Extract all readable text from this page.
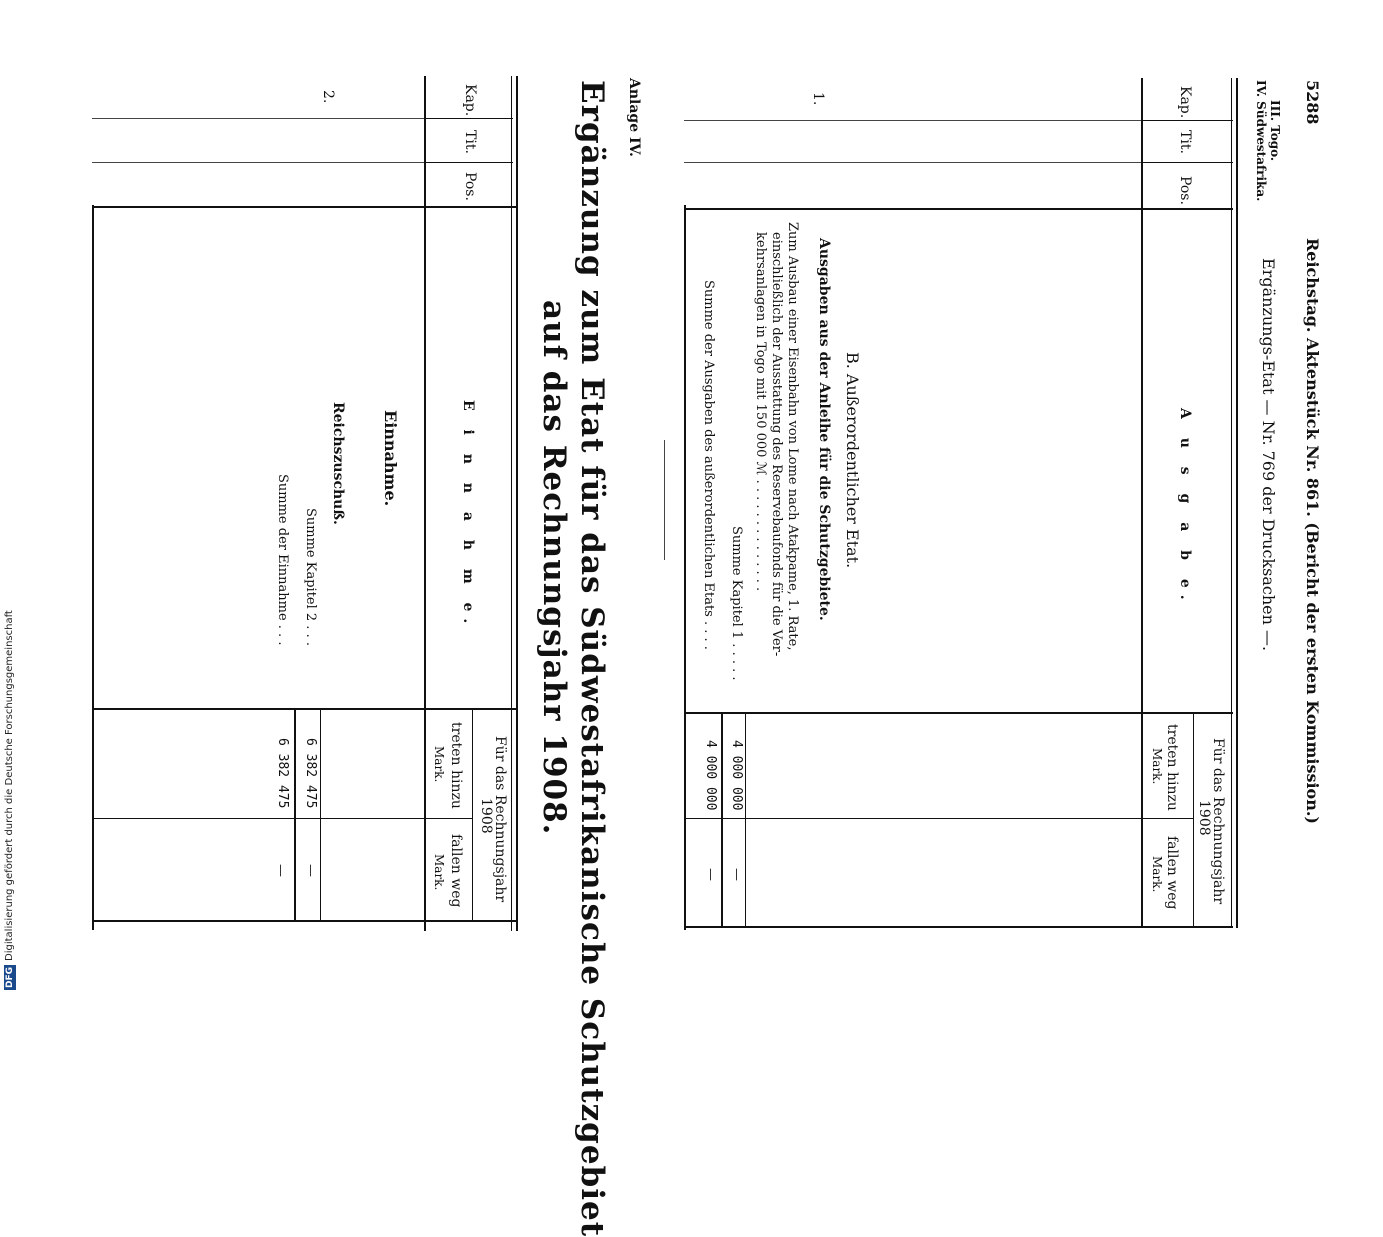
5288
Reichstag. Aktenstück Nr. 861. (Bericht der ersten Kommission.)
III. Togo.
IV. Südwestafrika.
Ergänzungs-Etat — Nr. 769 der Drucksachen —.
Kap.
Tit.
Pos.
A u s g a b e.
Für das Rechnungsjahr
1908
treten hinzu
Mark.
fallen weg
Mark.
1.
B. Außerordentlicher Etat.
Ausgaben aus der Anleihe für die Schutzgebiete.
Zum Ausbau einer Eisenbahn von Lome nach Atakpame, 1. Rate,
einschließlich der Ausstattung des Reservebaufonds für die Ver-
kehrsanlagen in Togo mit 150 000 ℳ . . . . . . . . . . . . . .
Summe Kapitel 1 . . . . .
Summe der Ausgaben des außerordentlichen Etats . . . .
4 000 000
4 000 000
—
—
Anlage IV.
Ergänzung zum Etat für das Südwestafrikanische Schutzgebiet
auf das Rechnungsjahr 1908.
Kap.
Tit.
Pos.
E i n n a h m e.
Für das Rechnungsjahr
1908
treten hinzu
Mark.
fallen weg
Mark.
2.
Einnahme.
Reichszuschuß.
Summe Kapitel 2 . . .
Summe der Einnahme . . .
6 382 475
6 382 475
—
—
DFGDigitalisierung gefördert durch die Deutsche Forschungsgemeinschaft
